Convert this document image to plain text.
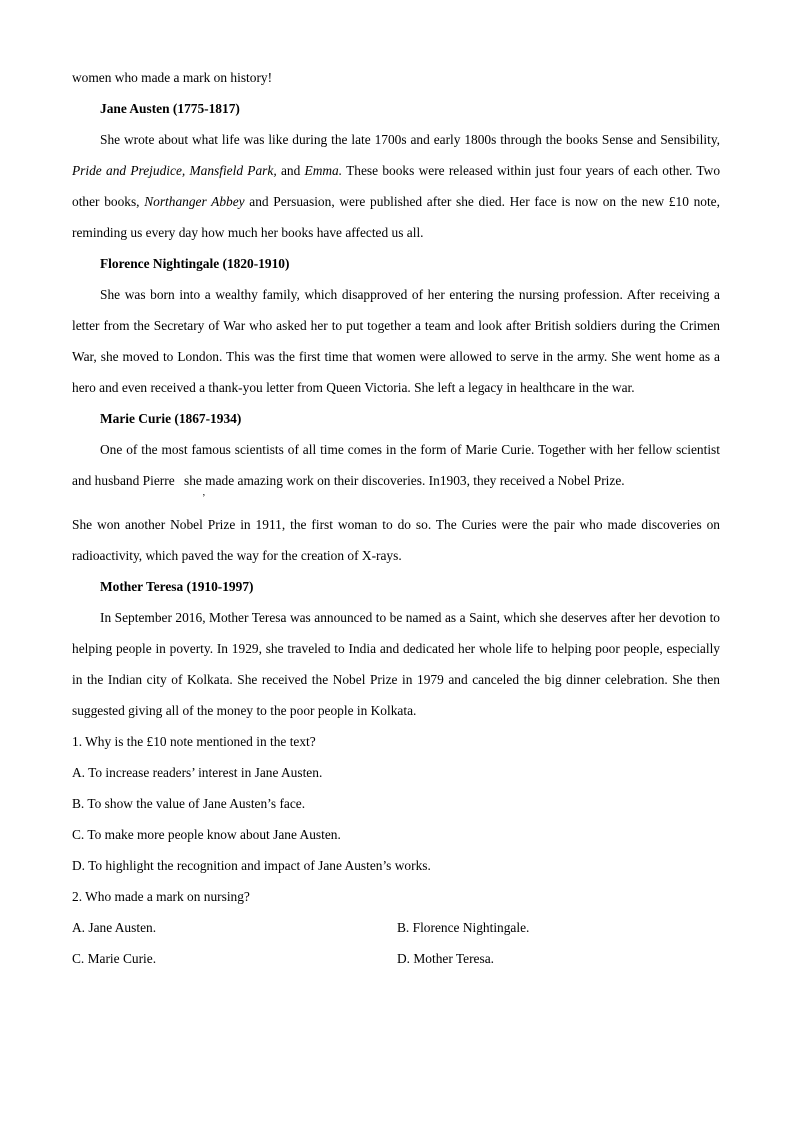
women who made a mark on history!

Jane Austen (1775-1817)

She wrote about what life was like during the late 1700s and early 1800s through the books Sense and Sensibility, Pride and Prejudice, Mansfield Park, and Emma. These books were released within just four years of each other. Two other books, Northanger Abbey and Persuasion, were published after she died. Her face is now on the new £10 note, reminding us every day how much her books have affected us all.

Florence Nightingale (1820-1910)

She was born into a wealthy family, which disapproved of her entering the nursing profession. After receiving a letter from the Secretary of War who asked her to put together a team and look after British soldiers during the Crimen War, she moved to London. This was the first time that women were allowed to serve in the army. She went home as a hero and even received a thank-you letter from Queen Victoria. She left a legacy in healthcare in the war.

Marie Curie (1867-1934)

One of the most famous scientists of all time comes in the form of Marie Curie. Together with her fellow scientist and husband Pierre, she made amazing work on their discoveries. In1903, they received a Nobel Prize.

She won another Nobel Prize in 1911, the first woman to do so. The Curies were the pair who made discoveries on radioactivity, which paved the way for the creation of X-rays.

Mother Teresa (1910-1997)

In September 2016, Mother Teresa was announced to be named as a Saint, which she deserves after her devotion to helping people in poverty. In 1929, she traveled to India and dedicated her whole life to helping poor people, especially in the Indian city of Kolkata. She received the Nobel Prize in 1979 and canceled the big dinner celebration. She then suggested giving all of the money to the poor people in Kolkata.

1. Why is the £10 note mentioned in the text?

A. To increase readers’ interest in Jane Austen.

B. To show the value of Jane Austen’s face.

C. To make more people know about Jane Austen.

D. To highlight the recognition and impact of Jane Austen’s works.

2. Who made a mark on nursing?

A. Jane Austen.	B. Florence Nightingale.
C. Marie Curie.	D. Mother Teresa.
